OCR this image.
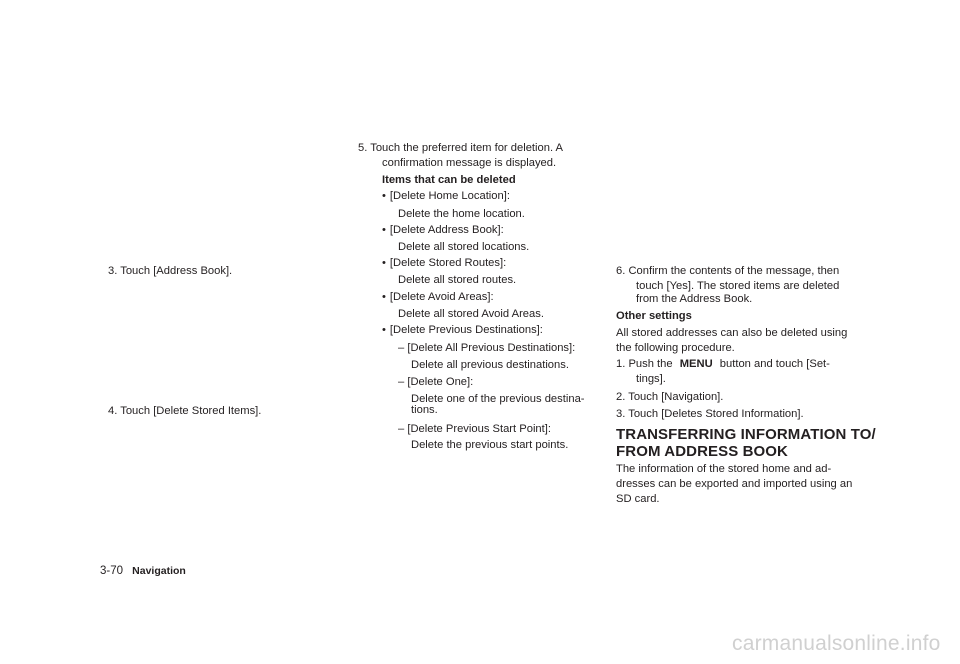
3. Touch [Address Book].
4. Touch [Delete Stored Items].
5. Touch the preferred item for deletion. A
confirmation message is displayed.
Items that can be deleted
• [Delete Home Location]:
Delete the home location.
• [Delete Address Book]:
Delete all stored locations.
• [Delete Stored Routes]:
Delete all stored routes.
• [Delete Avoid Areas]:
Delete all stored Avoid Areas.
• [Delete Previous Destinations]:
– [Delete All Previous Destinations]:
Delete all previous destinations.
– [Delete One]:
Delete one of the previous destina-
tions.
– [Delete Previous Start Point]:
Delete the previous start points.
6. Confirm the contents of the message, then
touch [Yes]. The stored items are deleted
from the Address Book.
Other settings
All stored addresses can also be deleted using
the following procedure.
1. Push the MENU button and touch [Set-
tings].
2. Touch [Navigation].
3. Touch [Deletes Stored Information].
TRANSFERRING INFORMATION TO/
FROM ADDRESS BOOK
The information of the stored home and ad-
dresses can be exported and imported using an
SD card.
3-70 Navigation
carmanualsonline.info
